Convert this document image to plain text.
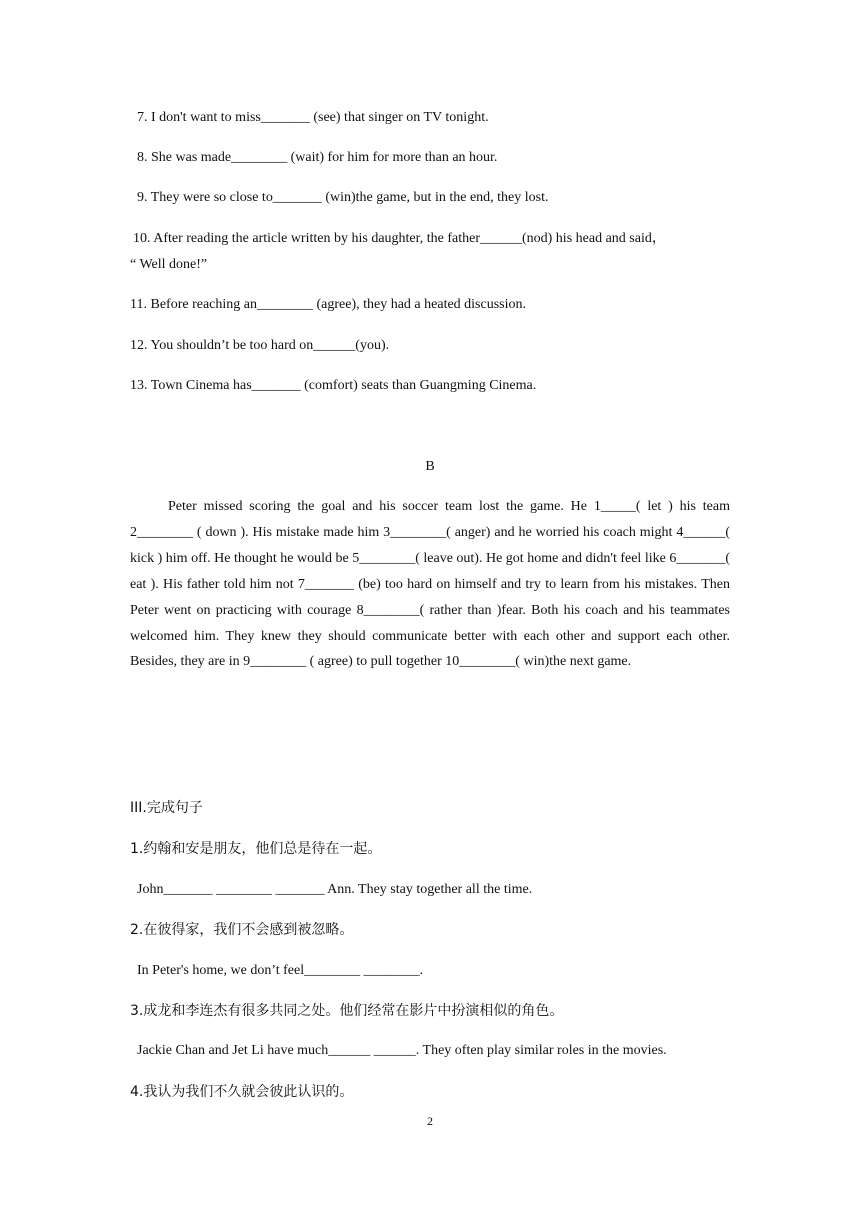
7. I don't want to miss_______ (see) that singer on TV tonight.
8. She was made________ (wait) for him for more than an hour.
9. They were so close to_______ (win)the game, but in the end, they lost.
10. After reading the article written by his daughter, the father______(nod) his head and said，
“ Well done!”
11. Before reaching an________ (agree), they had a heated discussion.
12. You shouldn’t be too hard on______(you).
13. Town Cinema has_______ (comfort) seats than Guangming Cinema.
B
Peter missed scoring the goal and his soccer team lost the game. He 1_____( let ) his team 2________ ( down ). His mistake made him 3________( anger) and he worried his coach might 4______( kick ) him off. He thought he would be 5________( leave out). He got home and didn't feel like 6_______( eat ). His father told him not 7_______ (be) too hard on himself and try to learn from his mistakes. Then Peter went on practicing with courage 8________( rather than )fear. Both his coach and his teammates welcomed him. They knew they should communicate better with each other and support each other. Besides, they are in 9________ ( agree) to pull together 10________( win)the next game.
III.完成句子
1.约翰和安是朋友，他们总是待在一起。
John_______ ________ _______ Ann. They stay together all the time.
2.在彼得家，我们不会感到被忽略。
In Peter's home, we don’t feel________ ________.
3.成龙和李连杰有很多共同之处。他们经常在影片中扮演相似的角色。
Jackie Chan and Jet Li have much______ ______. They often play similar roles in the movies.
4.我认为我们不久就会彼此认识的。
2
